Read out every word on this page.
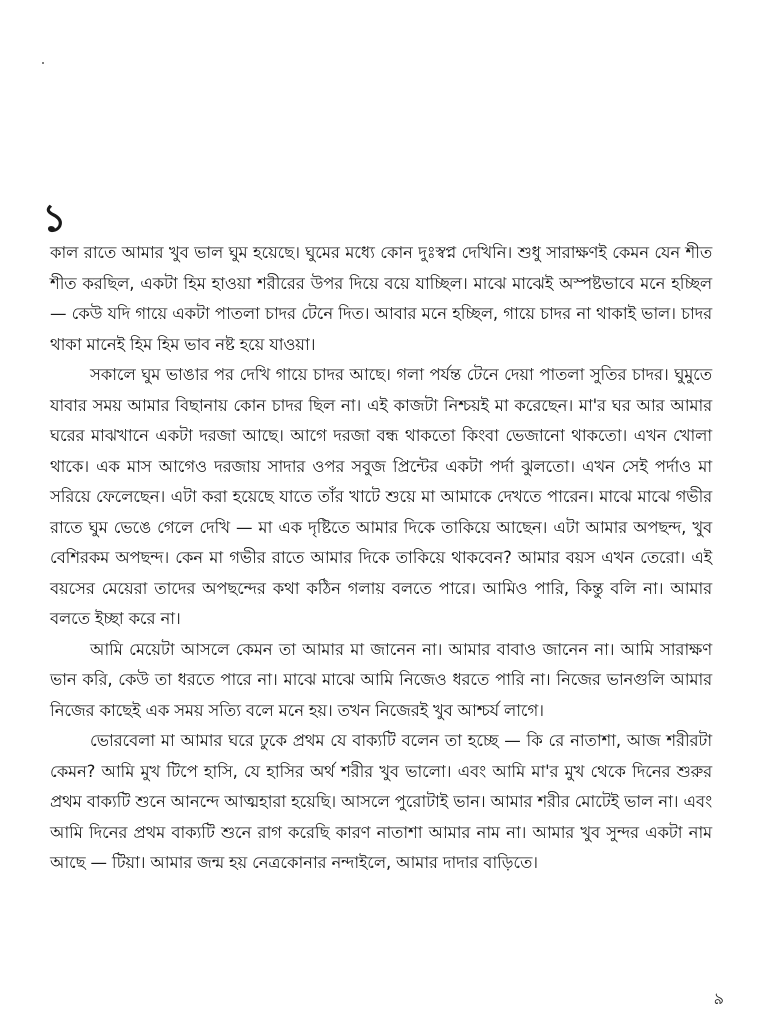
১

কাল রাতে আমার খুব ভাল ঘুম হয়েছে। ঘুমের মধ্যে কোন দুঃস্বপ্ন দেখিনি। শুধু সারাক্ষণই কেমন যেন শীত শীত করছিল, একটা হিম হাওয়া শরীরের উপর দিয়ে বয়ে যাচ্ছিল। মাঝে মাঝেই অস্পষ্টভাবে মনে হচ্ছিল — কেউ যদি গায়ে একটা পাতলা চাদর টেনে দিত। আবার মনে হচ্ছিল, গায়ে চাদর না থাকাই ভাল। চাদর থাকা মানেই হিম হিম ভাব নষ্ট হয়ে যাওয়া।

সকালে ঘুম ভাঙার পর দেখি গায়ে চাদর আছে। গলা পর্যন্ত টেনে দেয়া পাতলা সুতির চাদর। ঘুমুতে যাবার সময় আমার বিছানায় কোন চাদর ছিল না। এই কাজটা নিশ্চয়ই মা করেছেন। মা'র ঘর আর আমার ঘরের মাঝখানে একটা দরজা আছে। আগে দরজা বন্ধ থাকতো কিংবা ভেজানো থাকতো। এখন খোলা থাকে। এক মাস আগেও দরজায় সাদার ওপর সবুজ প্রিন্টের একটা পর্দা ঝুলতো। এখন সেই পর্দাও মা সরিয়ে ফেলেছেন। এটা করা হয়েছে যাতে তাঁর খাটে শুয়ে মা আমাকে দেখতে পারেন। মাঝে মাঝে গভীর রাতে ঘুম ভেঙে গেলে দেখি — মা এক দৃষ্টিতে আমার দিকে তাকিয়ে আছেন। এটা আমার অপছন্দ, খুব বেশিরকম অপছন্দ। কেন মা গভীর রাতে আমার দিকে তাকিয়ে থাকবেন? আমার বয়স এখন তেরো। এই বয়সের মেয়েরা তাদের অপছন্দের কথা কঠিন গলায় বলতে পারে। আমিও পারি, কিন্তু বলি না। আমার বলতে ইচ্ছা করে না।

আমি মেয়েটা আসলে কেমন তা আমার মা জানেন না। আমার বাবাও জানেন না। আমি সারাক্ষণ ভান করি, কেউ তা ধরতে পারে না। মাঝে মাঝে আমি নিজেও ধরতে পারি না। নিজের ভানগুলি আমার নিজের কাছেই এক সময় সত্যি বলে মনে হয়। তখন নিজেরই খুব আশ্চর্য লাগে।

ভোরবেলা মা আমার ঘরে ঢুকে প্রথম যে বাক্যটি বলেন তা হচ্ছে — কি রে নাতাশা, আজ শরীরটা কেমন? আমি মুখ টিপে হাসি, যে হাসির অর্থ শরীর খুব ভালো। এবং আমি মা'র মুখ থেকে দিনের শুরুর প্রথম বাক্যটি শুনে আনন্দে আত্মহারা হয়েছি। আসলে পুরোটাই ভান। আমার শরীর মোটেই ভাল না। এবং আমি দিনের প্রথম বাক্যটি শুনে রাগ করেছি কারণ নাতাশা আমার নাম না। আমার খুব সুন্দর একটা নাম আছে — টিয়া। আমার জন্ম হয় নেত্রকোনার নন্দাইলে, আমার দাদার বাড়িতে।

৯
